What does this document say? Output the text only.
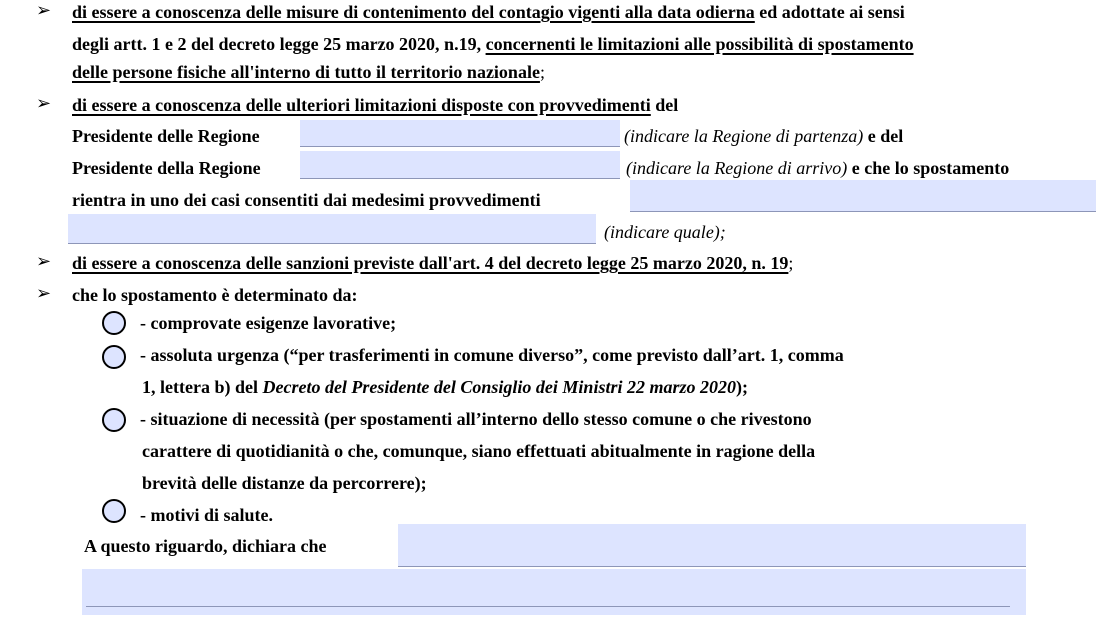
➢ di essere a conoscenza delle misure di contenimento del contagio vigenti alla data odierna ed adottate ai sensi
degli artt. 1 e 2 del decreto legge 25 marzo 2020, n.19, concernenti le limitazioni alle possibilità di spostamento
delle persone fisiche all'interno di tutto il territorio nazionale;
➢ di essere a conoscenza delle ulteriori limitazioni disposte con provvedimenti del
Presidente delle Regione	(indicare la Regione di partenza) e del
Presidente della Regione	(indicare la Regione di arrivo) e che lo spostamento
rientra in uno dei casi consentiti dai medesimi provvedimenti
(indicare quale);
➢ di essere a conoscenza delle sanzioni previste dall'art. 4 del decreto legge 25 marzo 2020, n. 19;
➢ che lo spostamento è determinato da:
- comprovate esigenze lavorative;
- assoluta urgenza (“per trasferimenti in comune diverso”, come previsto dall’art. 1, comma
1, lettera b) del Decreto del Presidente del Consiglio dei Ministri 22 marzo 2020);
- situazione di necessità (per spostamenti all’interno dello stesso comune o che rivestono
carattere di quotidianità o che, comunque, siano effettuati abitualmente in ragione della
brevità delle distanze da percorrere);
- motivi di salute.
A questo riguardo, dichiara che
